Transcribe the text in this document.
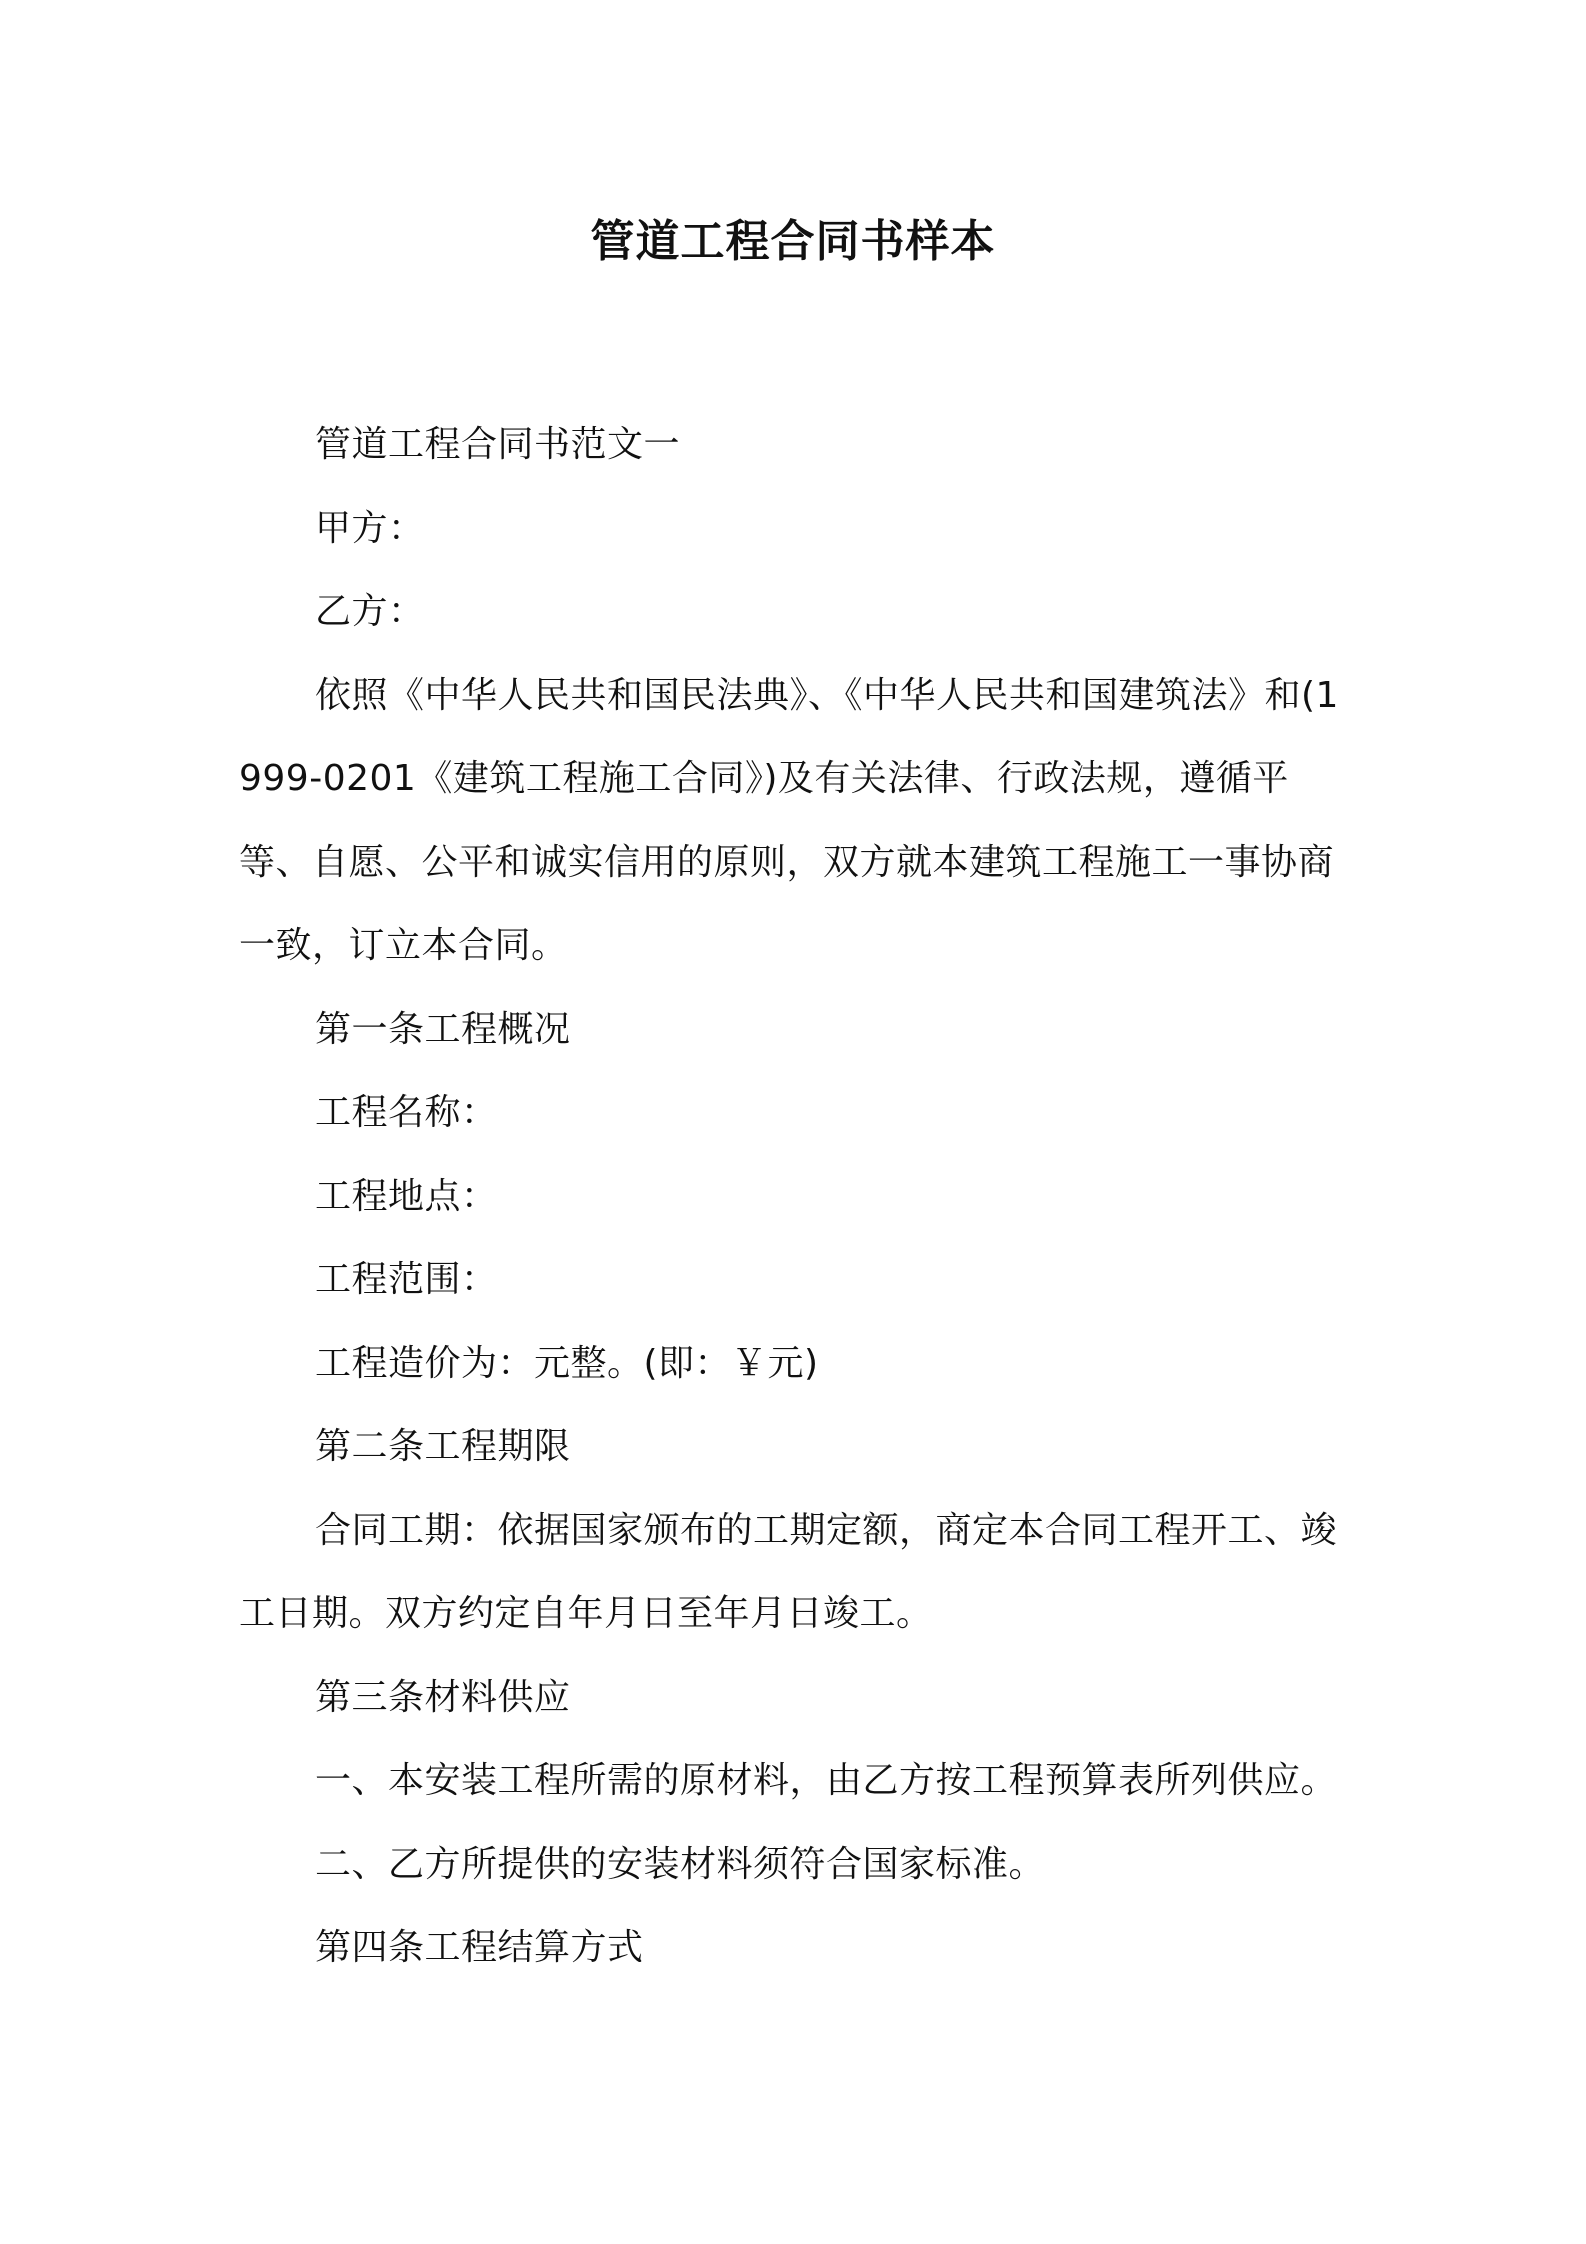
管道工程合同书样本

管道工程合同书范文一

甲方：

乙方：

依照《中华人民共和国民法典》、《中华人民共和国建筑法》和(1999-0201《建筑工程施工合同》)及有关法律、行政法规，遵循平等、自愿、公平和诚实信用的原则，双方就本建筑工程施工一事协商一致，订立本合同。

第一条工程概况

工程名称：

工程地点：

工程范围：

工程造价为：元整。(即：￥元)

第二条工程期限

合同工期：依据国家颁布的工期定额，商定本合同工程开工、竣工日期。双方约定自年月日至年月日竣工。

第三条材料供应

一、本安装工程所需的原材料，由乙方按工程预算表所列供应。

二、乙方所提供的安装材料须符合国家标准。

第四条工程结算方式
